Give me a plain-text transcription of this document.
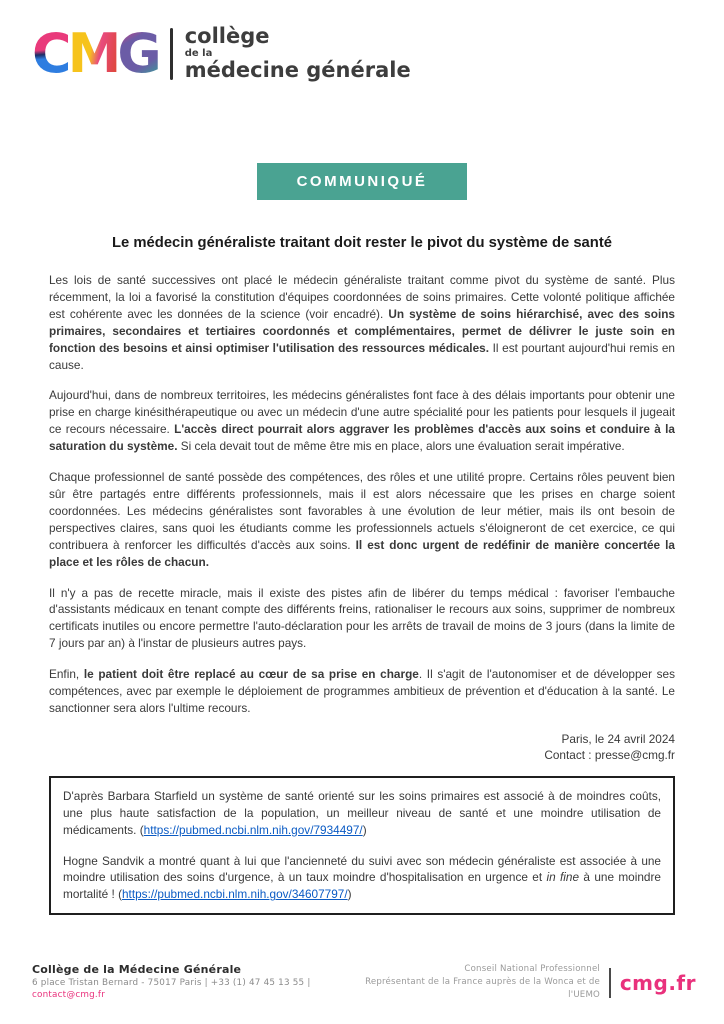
C M G collège
de la
médecine générale
COMMUNIQUÉ
Le médecin généraliste traitant doit rester le pivot du système de santé

Les lois de santé successives ont placé le médecin généraliste traitant comme pivot du système de santé. Plus récemment, la loi a favorisé la constitution d'équipes coordonnées de soins primaires. Cette volonté politique affichée est cohérente avec les données de la science (voir encadré). Un système de soins hiérarchisé, avec des soins primaires, secondaires et tertiaires coordonnés et complémentaires, permet de délivrer le juste soin en fonction des besoins et ainsi optimiser l'utilisation des ressources médicales. Il est pourtant aujourd'hui remis en cause.

Aujourd'hui, dans de nombreux territoires, les médecins généralistes font face à des délais importants pour obtenir une prise en charge kinésithérapeutique ou avec un médecin d'une autre spécialité pour les patients pour lesquels il jugeait ce recours nécessaire. L'accès direct pourrait alors aggraver les problèmes d'accès aux soins et conduire à la saturation du système. Si cela devait tout de même être mis en place, alors une évaluation serait impérative.

Chaque professionnel de santé possède des compétences, des rôles et une utilité propre. Certains rôles peuvent bien sûr être partagés entre différents professionnels, mais il est alors nécessaire que les prises en charge soient coordonnées. Les médecins généralistes sont favorables à une évolution de leur métier, mais ils ont besoin de perspectives claires, sans quoi les étudiants comme les professionnels actuels s'éloigneront de cet exercice, ce qui contribuera à renforcer les difficultés d'accès aux soins. Il est donc urgent de redéfinir de manière concertée la place et les rôles de chacun.

Il n'y a pas de recette miracle, mais il existe des pistes afin de libérer du temps médical : favoriser l'embauche d'assistants médicaux en tenant compte des différents freins, rationaliser le recours aux soins, supprimer de nombreux certificats inutiles ou encore permettre l'auto-déclaration pour les arrêts de travail de moins de 3 jours (dans la limite de 7 jours par an) à l'instar de plusieurs autres pays.

Enfin, le patient doit être replacé au cœur de sa prise en charge. Il s'agit de l'autonomiser et de développer ses compétences, avec par exemple le déploiement de programmes ambitieux de prévention et d'éducation à la santé. Le sanctionner sera alors l'ultime recours.

Paris, le 24 avril 2024
Contact : presse@cmg.fr

D'après Barbara Starfield un système de santé orienté sur les soins primaires est associé à de moindres coûts, une plus haute satisfaction de la population, un meilleur niveau de santé et une moindre utilisation de médicaments. (https://pubmed.ncbi.nlm.nih.gov/7934497/)

Hogne Sandvik a montré quant à lui que l'ancienneté du suivi avec son médecin généraliste est associée à une moindre utilisation des soins d'urgence, à un taux moindre d'hospitalisation en urgence et in fine à une moindre mortalité ! (https://pubmed.ncbi.nlm.nih.gov/34607797/)

Collège de la Médecine Générale
6 place Tristan Bernard - 75017 Paris | +33 (1) 47 45 13 55 | contact@cmg.fr
Conseil National Professionnel
Représentant de la France auprès de la Wonca et de l'UEMO
cmg.fr
